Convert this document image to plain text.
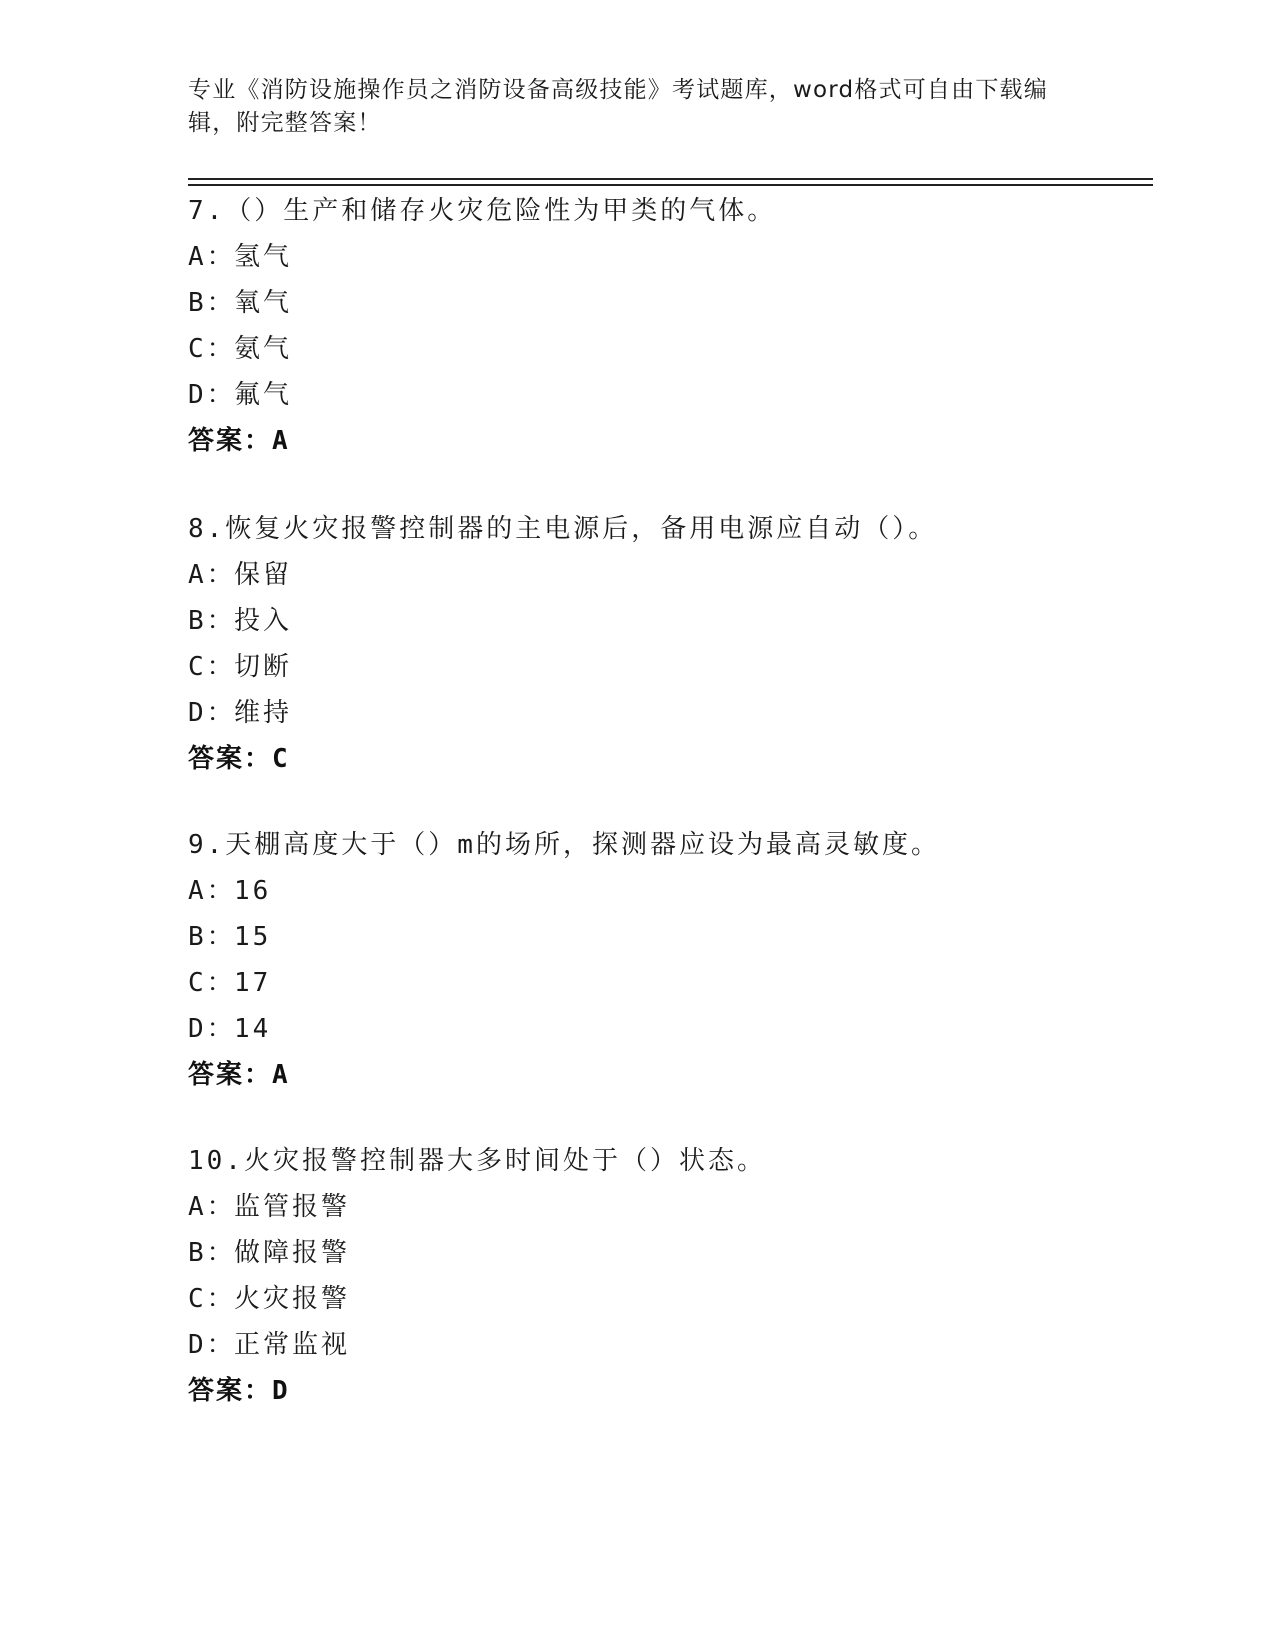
专业《消防设施操作员之消防设备高级技能》考试题库，word格式可自由下载编
辑，附完整答案！
7.（）生产和储存火灾危险性为甲类的气体。
A：氢气
B：氧气
C：氨气
D：氟气
答案：A
8.恢复火灾报警控制器的主电源后，备用电源应自动（）。
A：保留
B：投入
C：切断
D：维持
答案：C
9.天棚高度大于（）m的场所，探测器应设为最高灵敏度。
A：16
B：15
C：17
D：14
答案：A
10.火灾报警控制器大多时间处于（）状态。
A：监管报警
B：做障报警
C：火灾报警
D：正常监视
答案：D
